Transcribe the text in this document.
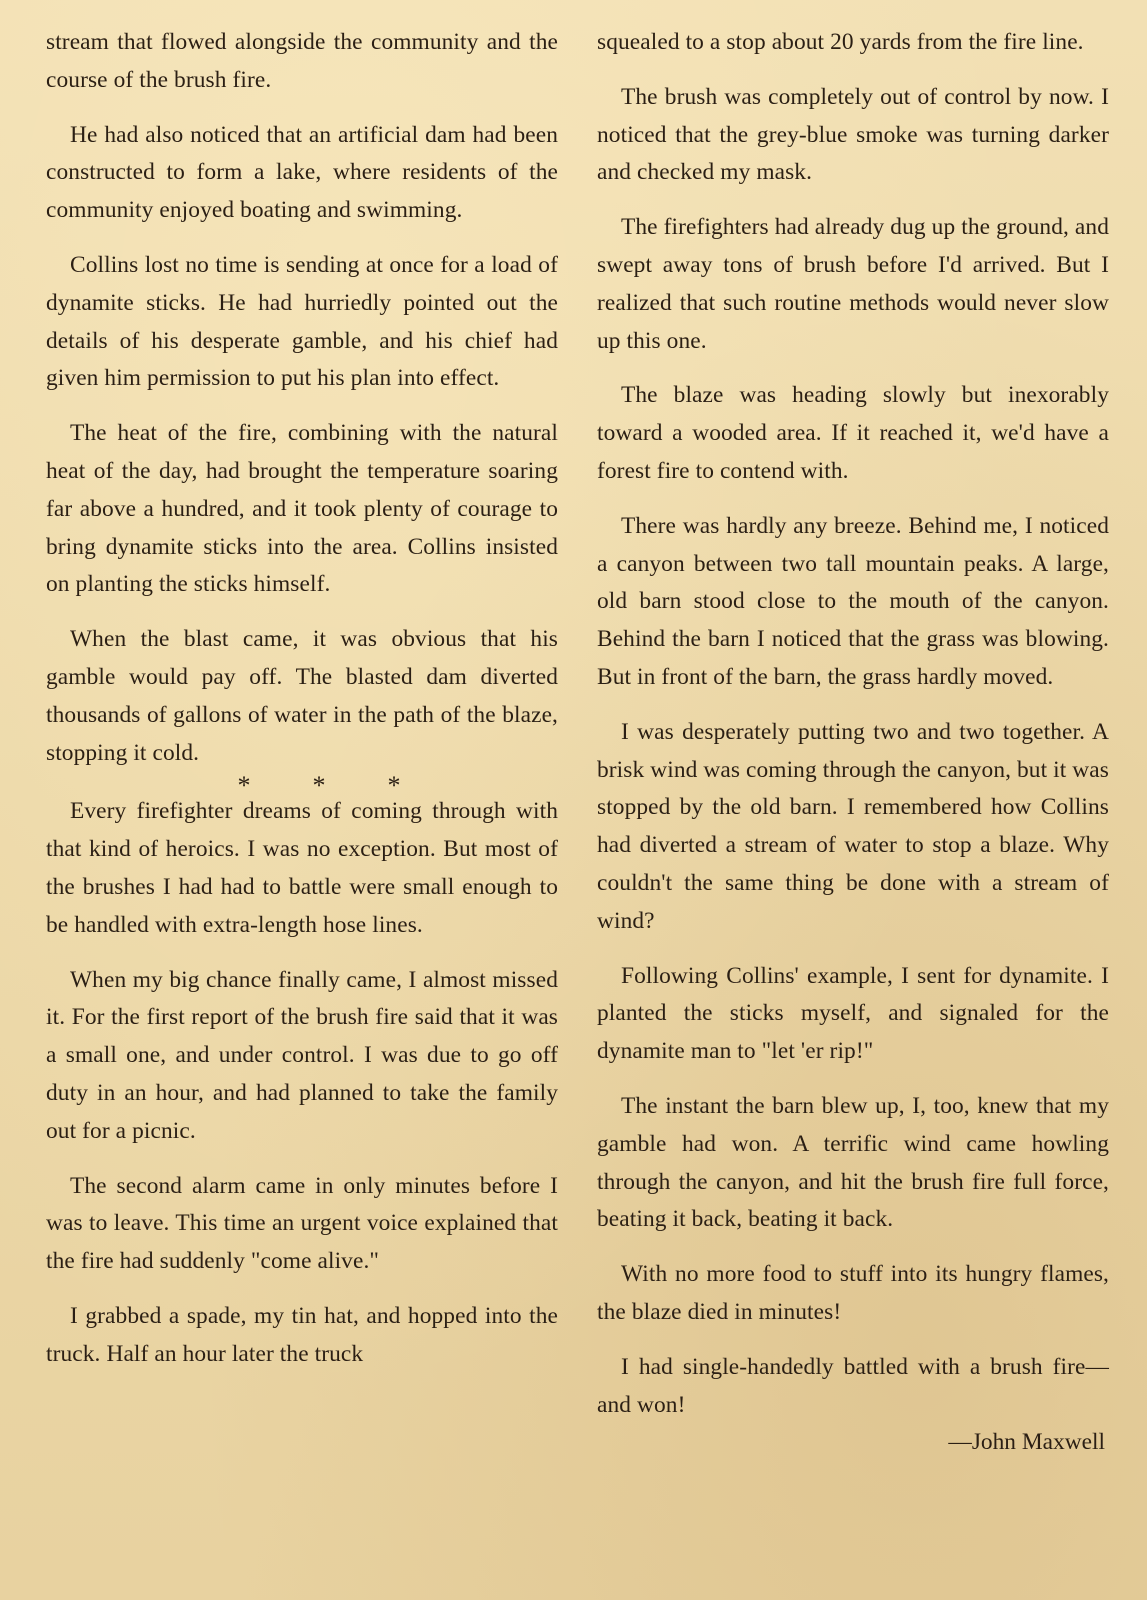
stream that flowed alongside the community and the course of the brush fire.

He had also noticed that an artificial dam had been constructed to form a lake, where residents of the community enjoyed boating and swimming.

Collins lost no time is sending at once for a load of dynamite sticks. He had hurriedly pointed out the details of his desperate gamble, and his chief had given him permission to put his plan into effect.

The heat of the fire, combining with the natural heat of the day, had brought the temperature soaring far above a hundred, and it took plenty of courage to bring dynamite sticks into the area. Collins insisted on planting the sticks himself.

When the blast came, it was obvious that his gamble would pay off. The blasted dam diverted thousands of gallons of water in the path of the blaze, stopping it cold.

* * *

Every firefighter dreams of coming through with that kind of heroics. I was no exception. But most of the brushes I had had to battle were small enough to be handled with extra-length hose lines.

When my big chance finally came, I almost missed it. For the first report of the brush fire said that it was a small one, and under control. I was due to go off duty in an hour, and had planned to take the family out for a picnic.

The second alarm came in only minutes before I was to leave. This time an urgent voice explained that the fire had suddenly "come alive."

I grabbed a spade, my tin hat, and hopped into the truck. Half an hour later the truck

squealed to a stop about 20 yards from the fire line.

The brush was completely out of control by now. I noticed that the grey-blue smoke was turning darker and checked my mask.

The firefighters had already dug up the ground, and swept away tons of brush before I'd arrived. But I realized that such routine methods would never slow up this one.

The blaze was heading slowly but inexorably toward a wooded area. If it reached it, we'd have a forest fire to contend with.

There was hardly any breeze. Behind me, I noticed a canyon between two tall mountain peaks. A large, old barn stood close to the mouth of the canyon. Behind the barn I noticed that the grass was blowing. But in front of the barn, the grass hardly moved.

I was desperately putting two and two together. A brisk wind was coming through the canyon, but it was stopped by the old barn. I remembered how Collins had diverted a stream of water to stop a blaze. Why couldn't the same thing be done with a stream of wind?

Following Collins' example, I sent for dynamite. I planted the sticks myself, and signaled for the dynamite man to "let 'er rip!"

The instant the barn blew up, I, too, knew that my gamble had won. A terrific wind came howling through the canyon, and hit the brush fire full force, beating it back, beating it back.

With no more food to stuff into its hungry flames, the blaze died in minutes!

I had single-handedly battled with a brush fire—and won!

—John Maxwell
